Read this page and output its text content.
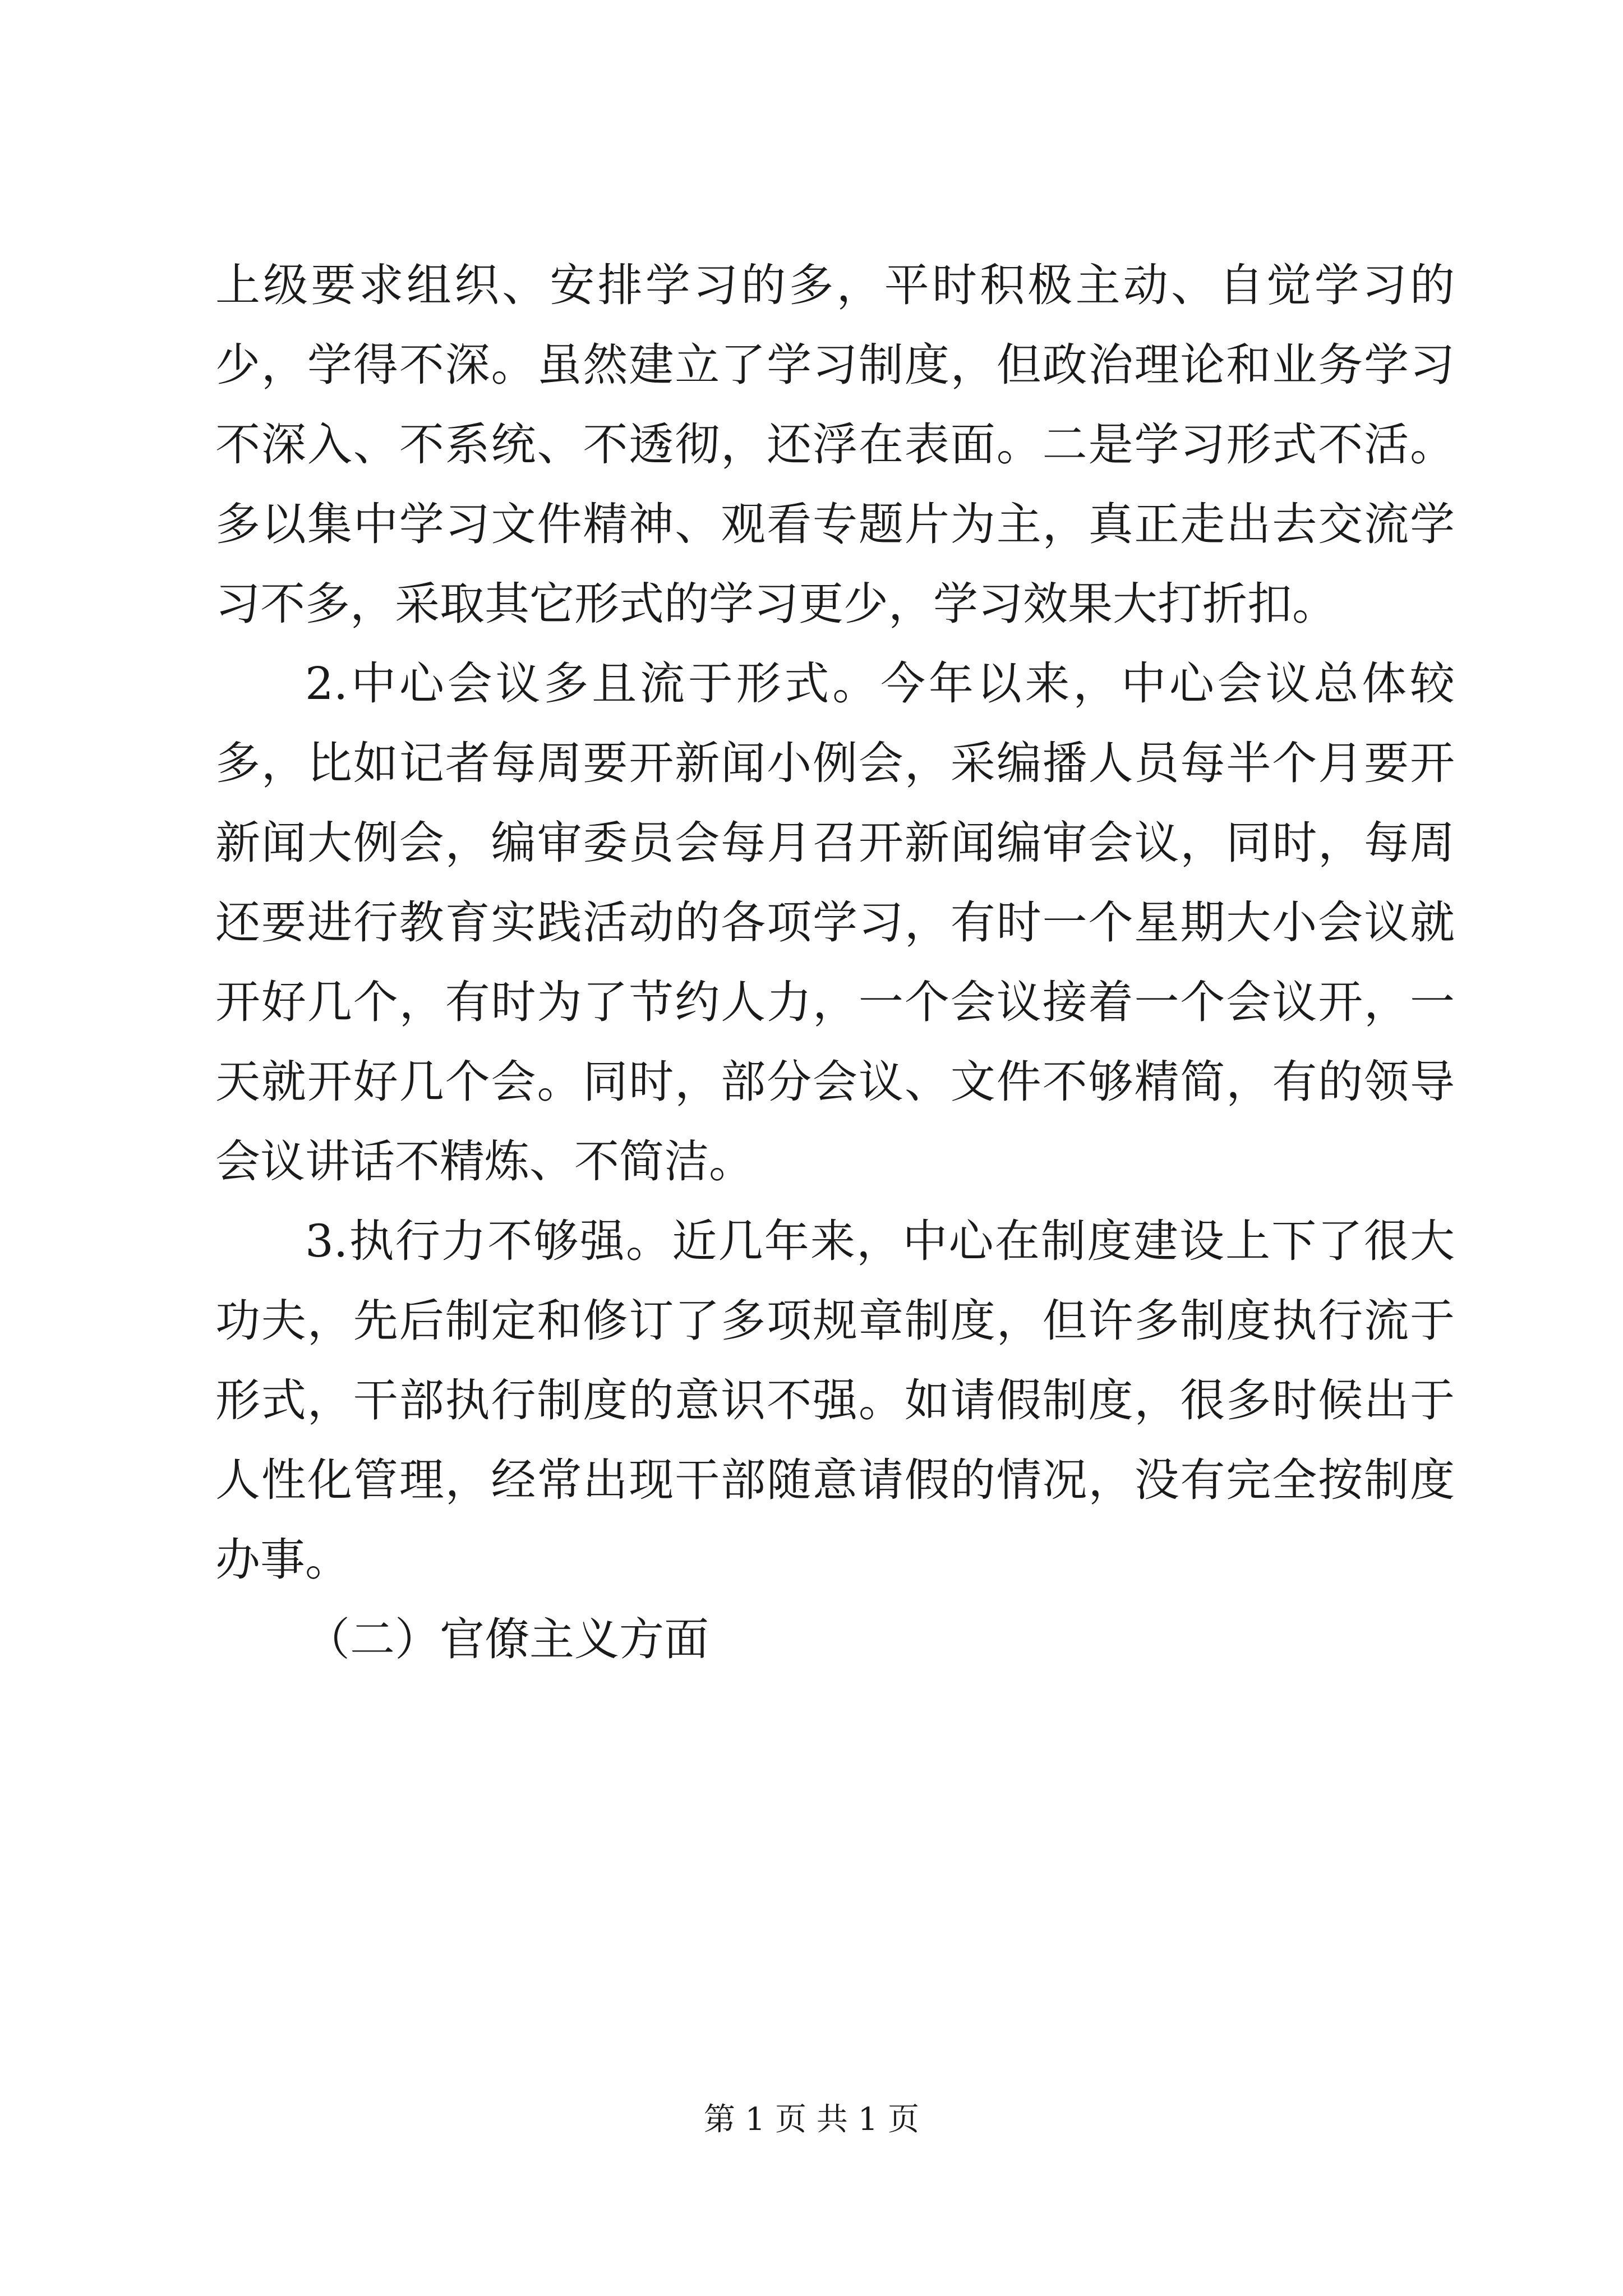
上级要求组织、安排学习的多，平时积极主动、自觉学习的少，学得不深。虽然建立了学习制度，但政治理论和业务学习不深入、不系统、不透彻，还浮在表面。二是学习形式不活。多以集中学习文件精神、观看专题片为主，真正走出去交流学习不多，采取其它形式的学习更少，学习效果大打折扣。

2.中心会议多且流于形式。今年以来，中心会议总体较多，比如记者每周要开新闻小例会，采编播人员每半个月要开新闻大例会，编审委员会每月召开新闻编审会议，同时，每周还要进行教育实践活动的各项学习，有时一个星期大小会议就开好几个，有时为了节约人力，一个会议接着一个会议开，一天就开好几个会。同时，部分会议、文件不够精简，有的领导会议讲话不精炼、不简洁。

3.执行力不够强。近几年来，中心在制度建设上下了很大功夫，先后制定和修订了多项规章制度，但许多制度执行流于形式，干部执行制度的意识不强。如请假制度，很多时候出于人性化管理，经常出现干部随意请假的情况，没有完全按制度办事。

（二）官僚主义方面

第 1 页 共 1 页
